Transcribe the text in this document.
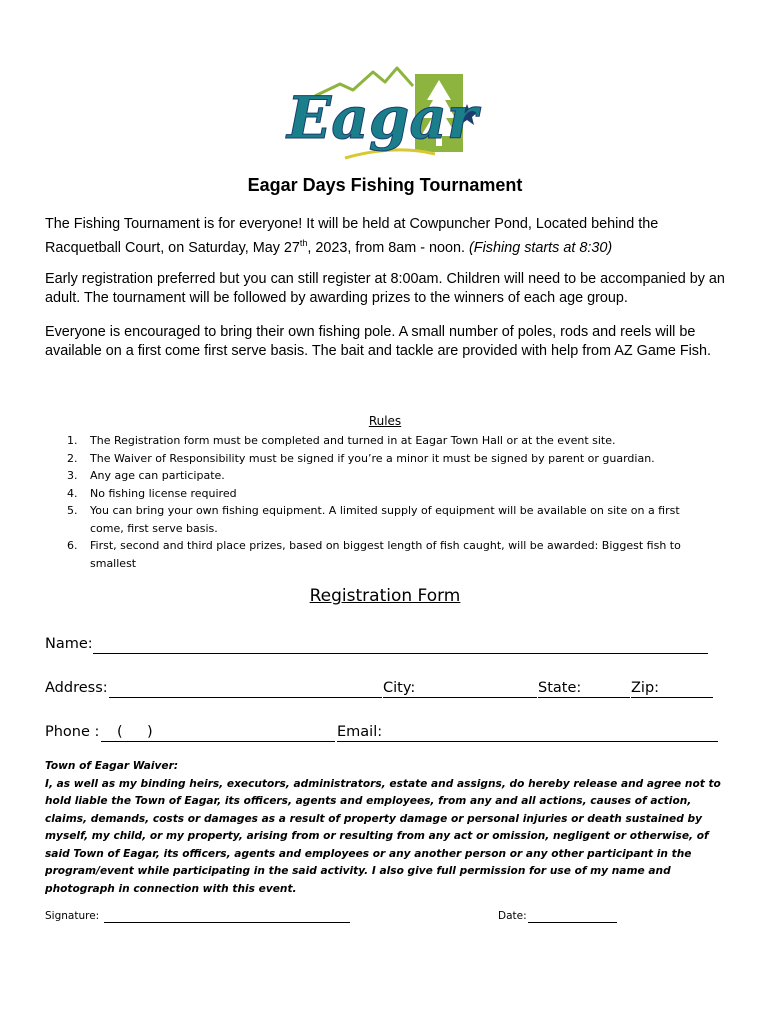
Eagar
Eagar Days Fishing Tournament

The Fishing Tournament is for everyone! It will be held at Cowpuncher Pond, Located behind the Racquetball Court, on Saturday, May 27th, 2023, from 8am - noon. (Fishing starts at 8:30)

Early registration preferred but you can still register at 8:00am. Children will need to be accompanied by an adult. The tournament will be followed by awarding prizes to the winners of each age group.

Everyone is encouraged to bring their own fishing pole. A small number of poles, rods and reels will be available on a first come first serve basis. The bait and tackle are provided with help from AZ Game Fish.

Rules
1. The Registration form must be completed and turned in at Eagar Town Hall or at the event site.
2. The Waiver of Responsibility must be signed if you’re a minor it must be signed by parent or guardian.
3. Any age can participate.
4. No fishing license required
5. You can bring your own fishing equipment. A limited supply of equipment will be available on site on a first come, first serve basis.
6. First, second and third place prizes, based on biggest length of fish caught, will be awarded: Biggest fish to smallest
Registration Form
Name:
Address:	City:	State:	Zip:
Phone : ( )	Email:

Town of Eagar Waiver:
I, as well as my binding heirs, executors, administrators, estate and assigns, do hereby release and agree not to hold liable the Town of Eagar, its officers, agents and employees, from any and all actions, causes of action, claims, demands, costs or damages as a result of property damage or personal injuries or death sustained by myself, my child, or my property, arising from or resulting from any act or omission, negligent or otherwise, of said Town of Eagar, its officers, agents and employees or any another person or any other participant in the program/event while participating in the said activity. I also give full permission for use of my name and photograph in connection with this event.

Signature:	Date:
